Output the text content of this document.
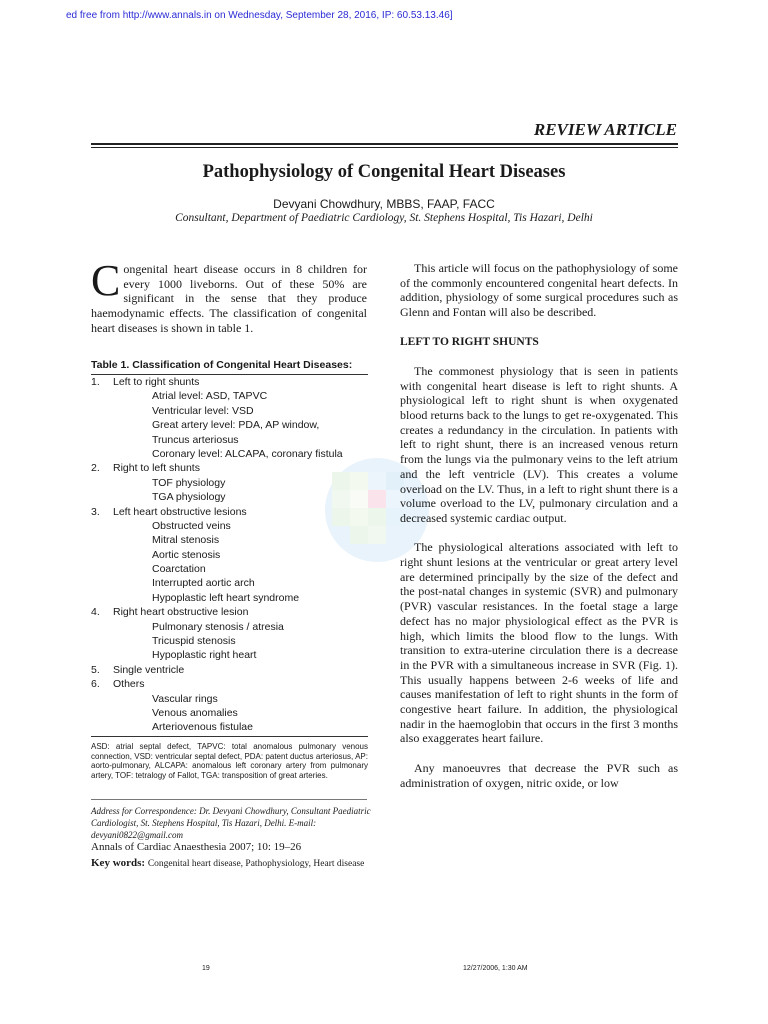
ed free from http://www.annals.in on Wednesday, September 28, 2016, IP: 60.53.13.46]
REVIEW ARTICLE
Pathophysiology of Congenital Heart Diseases
Devyani Chowdhury, MBBS, FAAP, FACC
Consultant, Department of Paediatric Cardiology, St. Stephens Hospital, Tis Hazari, Delhi
Congenital heart disease occurs in 8 children for every 1000 liveborns. Out of these 50% are significant in the sense that they produce haemodynamic effects. The classification of congenital heart diseases is shown in table 1.
Table 1. Classification of Congenital Heart Diseases:
1. Left to right shunts
Atrial level: ASD, TAPVC
Ventricular level: VSD
Great artery level: PDA, AP window,
Truncus arteriosus
Coronary level: ALCAPA, coronary fistula
2. Right to left shunts
TOF physiology
TGA physiology
3. Left heart obstructive lesions
Obstructed veins
Mitral stenosis
Aortic stenosis
Coarctation
Interrupted aortic arch
Hypoplastic left heart syndrome
4. Right heart obstructive lesion
Pulmonary stenosis / atresia
Tricuspid stenosis
Hypoplastic right heart
5. Single ventricle
6. Others
Vascular rings
Venous anomalies
Arteriovenous fistulae
ASD: atrial septal defect, TAPVC: total anomalous pulmonary venous connection, VSD: ventricular septal defect, PDA: patent ductus arteriosus, AP: aorto-pulmonary, ALCAPA: anomalous left coronary artery from pulmonary artery, TOF: tetralogy of Fallot, TGA: transposition of great arteries.
Address for Correspondence: Dr. Devyani Chowdhury, Consultant Paediatric Cardiologist, St. Stephens Hospital, Tis Hazari, Delhi. E-mail: devyani0822@gmail.com
Annals of Cardiac Anaesthesia 2007; 10: 19–26
Key words: Congenital heart disease, Pathophysiology, Heart disease

This article will focus on the pathophysiology of some of the commonly encountered congenital heart defects. In addition, physiology of some surgical procedures such as Glenn and Fontan will also be described.

LEFT TO RIGHT SHUNTS

The commonest physiology that is seen in patients with congenital heart disease is left to right shunts. A physiological left to right shunt is when oxygenated blood returns back to the lungs to get re-oxygenated. This creates a redundancy in the circulation. In patients with left to right shunt, there is an increased venous return from the lungs via the pulmonary veins to the left atrium and the left ventricle (LV). This creates a volume overload on the LV. Thus, in a left to right shunt there is a volume overload to the LV, pulmonary circulation and a decreased systemic cardiac output.

The physiological alterations associated with left to right shunt lesions at the ventricular or great artery level are determined principally by the size of the defect and the post-natal changes in systemic (SVR) and pulmonary (PVR) vascular resistances. In the foetal stage a large defect has no major physiological effect as the PVR is high, which limits the blood flow to the lungs. With transition to extra-uterine circulation there is a decrease in the PVR with a simultaneous increase in SVR (Fig. 1). This usually happens between 2-6 weeks of life and causes manifestation of left to right shunts in the form of congestive heart failure. In addition, the physiological nadir in the haemoglobin that occurs in the first 3 months also exaggerates heart failure.

Any manoeuvres that decrease the PVR such as administration of oxygen, nitric oxide, or low

19	12/27/2006, 1:30 AM
